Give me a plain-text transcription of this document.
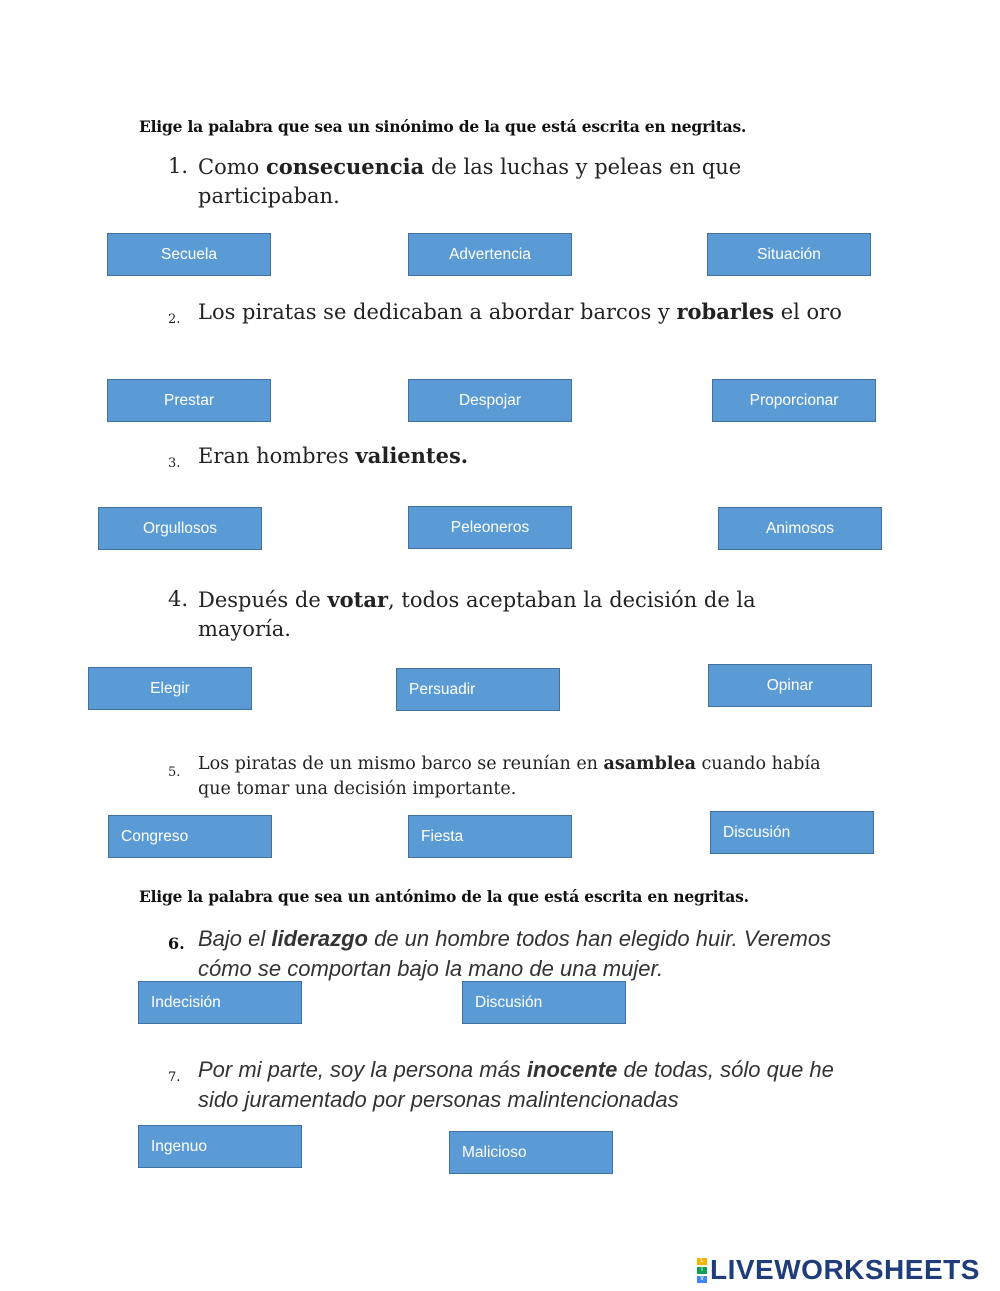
Elige la palabra que sea un sinónimo de la que está escrita en negritas.
1. Como consecuencia de las luchas y peleas en que participaban.
Secuela	Advertencia	Situación
2. Los piratas se dedicaban a abordar barcos y robarles el oro
Prestar	Despojar	Proporcionar
3. Eran hombres valientes.
Orgullosos	Peleoneros	Animosos
4. Después de votar, todos aceptaban la decisión de la mayoría.
Elegir	Persuadir	Opinar
5. Los piratas de un mismo barco se reunían en asamblea cuando había que tomar una decisión importante.
Congreso	Fiesta	Discusión
Elige la palabra que sea un antónimo de la que está escrita en negritas.
6. Bajo el liderazgo de un hombre todos han elegido huir. Veremos cómo se comportan bajo la mano de una mujer.
Indecisión	Discusión
7. Por mi parte, soy la persona más inocente de todas, sólo que he sido juramentado por personas malintencionadas
Ingenuo	Malicioso
L
I
V LIVEWORKSHEETS
